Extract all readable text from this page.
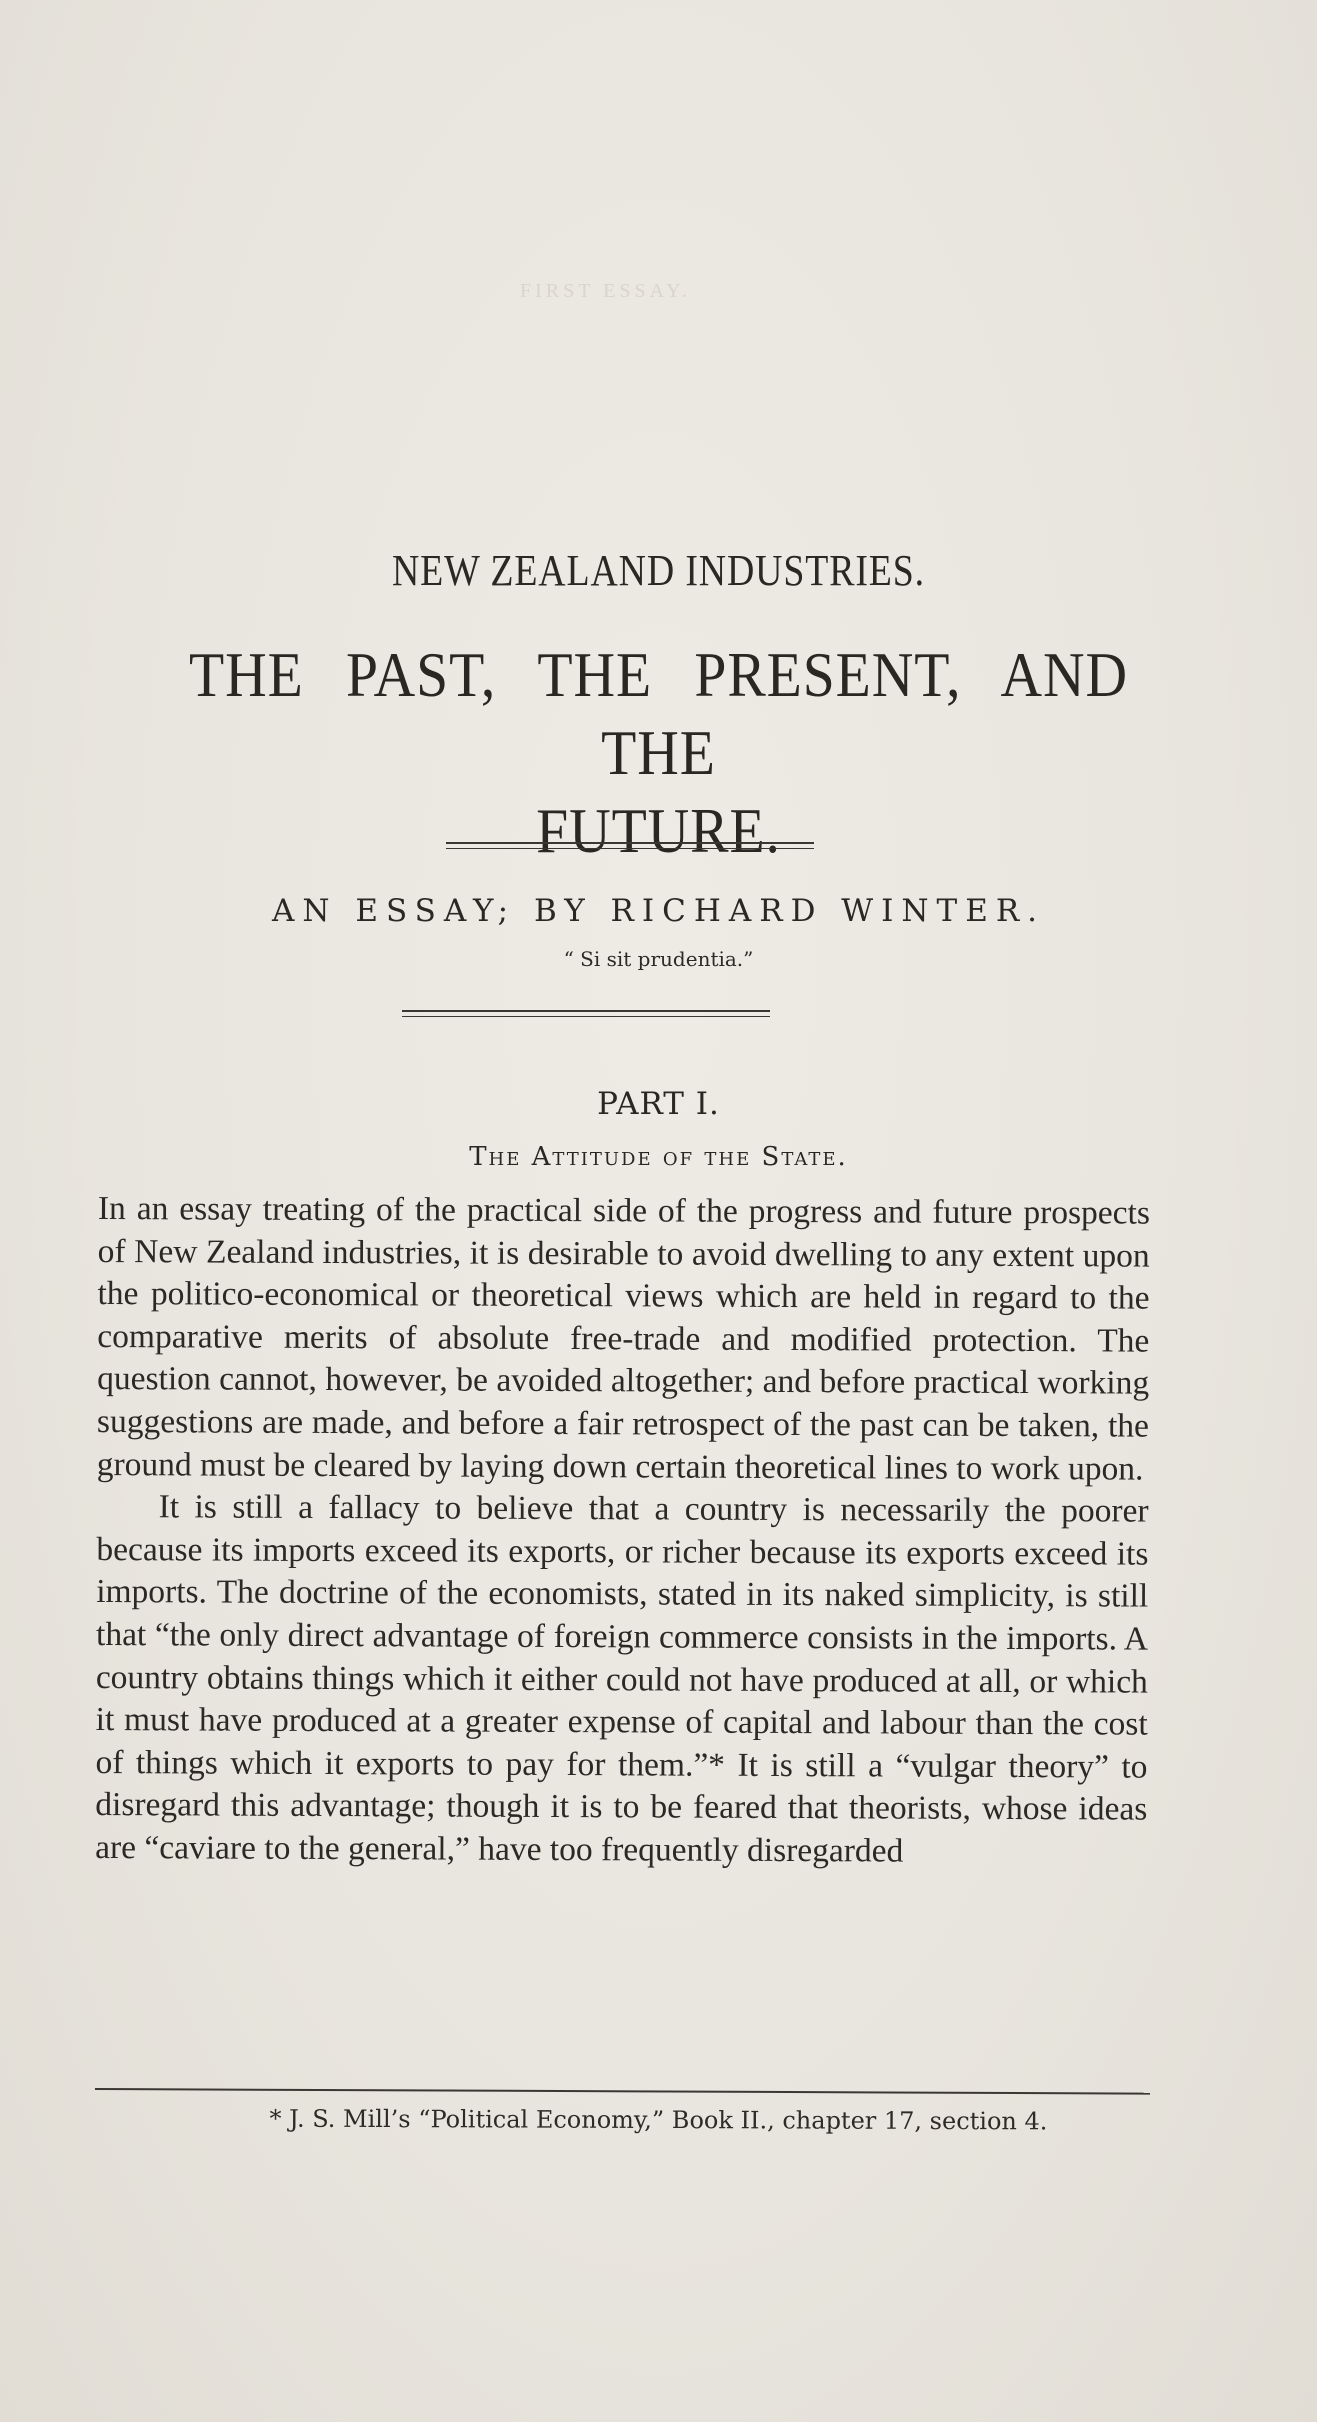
FIRST ESSAY.
NEW ZEALAND INDUSTRIES.
THE PAST, THE PRESENT, AND THE
FUTURE.
AN ESSAY; BY RICHARD WINTER.
“ Si sit prudentia.”
PART I.
The Attitude of the State.

In an essay treating of the practical side of the progress and future prospects of New Zealand industries, it is desirable to avoid dwelling to any extent upon the politico-economical or theoretical views which are held in regard to the comparative merits of absolute free-trade and modified protection. The question cannot, however, be avoided altogether; and before practical working suggestions are made, and before a fair retrospect of the past can be taken, the ground must be cleared by laying down certain theoretical lines to work upon.

It is still a fallacy to believe that a country is necessarily the poorer because its imports exceed its exports, or richer because its exports exceed its imports. The doctrine of the economists, stated in its naked simplicity, is still that “the only direct advantage of foreign commerce consists in the imports. A country obtains things which it either could not have produced at all, or which it must have produced at a greater expense of capital and labour than the cost of things which it exports to pay for them.”* It is still a “vulgar theory” to disregard this advantage; though it is to be feared that theorists, whose ideas are “caviare to the general,” have too frequently disregarded

* J. S. Mill’s “Political Economy,” Book II., chapter 17, section 4.
